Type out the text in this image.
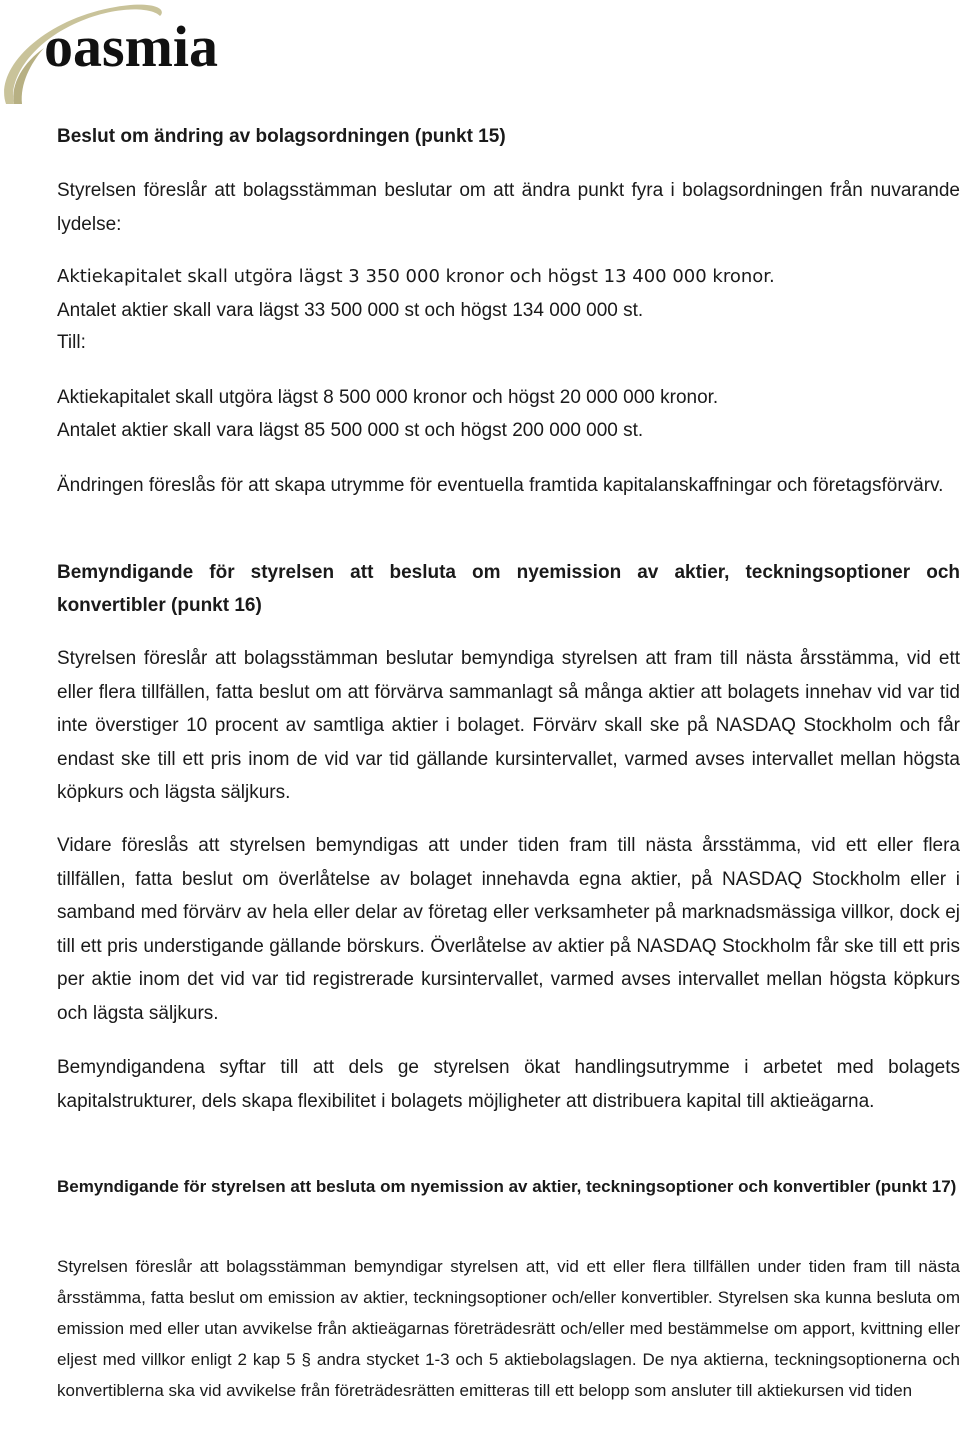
oasmia

Beslut om ändring av bolagsordningen (punkt 15)

Styrelsen föreslår att bolagsstämman beslutar om att ändra punkt fyra i bolagsordningen från nuvarande lydelse:

Aktiekapitalet skall utgöra lägst 3 350 000 kronor och högst 13 400 000 kronor.

Antalet aktier skall vara lägst 33 500 000 st och högst 134 000 000 st.

Till:

Aktiekapitalet skall utgöra lägst 8 500 000 kronor och högst 20 000 000 kronor.

Antalet aktier skall vara lägst 85 500 000 st och högst 200 000 000 st.

Ändringen föreslås för att skapa utrymme för eventuella framtida kapitalanskaffningar och företagsförvärv.

Bemyndigande för styrelsen att besluta om nyemission av aktier, teckningsoptioner och konvertibler (punkt 16)

Styrelsen föreslår att bolagsstämman beslutar bemyndiga styrelsen att fram till nästa årsstämma, vid ett eller flera tillfällen, fatta beslut om att förvärva sammanlagt så många aktier att bolagets innehav vid var tid inte överstiger 10 procent av samtliga aktier i bolaget. Förvärv skall ske på NASDAQ Stockholm och får endast ske till ett pris inom de vid var tid gällande kursintervallet, varmed avses intervallet mellan högsta köpkurs och lägsta säljkurs.

Vidare föreslås att styrelsen bemyndigas att under tiden fram till nästa årsstämma, vid ett eller flera tillfällen, fatta beslut om överlåtelse av bolaget innehavda egna aktier, på NASDAQ Stockholm eller i samband med förvärv av hela eller delar av företag eller verksamheter på marknadsmässiga villkor, dock ej till ett pris understigande gällande börskurs. Överlåtelse av aktier på NASDAQ Stockholm får ske till ett pris per aktie inom det vid var tid registrerade kursintervallet, varmed avses intervallet mellan högsta köpkurs och lägsta säljkurs.

Bemyndigandena syftar till att dels ge styrelsen ökat handlingsutrymme i arbetet med bolagets kapitalstrukturer, dels skapa flexibilitet i bolagets möjligheter att distribuera kapital till aktieägarna.

Bemyndigande för styrelsen att besluta om nyemission av aktier, teckningsoptioner och konvertibler (punkt 17)

Styrelsen föreslår att bolagsstämman bemyndigar styrelsen att, vid ett eller flera tillfällen under tiden fram till nästa årsstämma, fatta beslut om emission av aktier, teckningsoptioner och/eller konvertibler. Styrelsen ska kunna besluta om emission med eller utan avvikelse från aktieägarnas företrädesrätt och/eller med bestämmelse om apport, kvittning eller eljest med villkor enligt 2 kap 5 § andra stycket 1-3 och 5 aktiebolagslagen. De nya aktierna, teckningsoptionerna och konvertiblerna ska vid avvikelse från företrädesrätten emitteras till ett belopp som ansluter till aktiekursen vid tiden
